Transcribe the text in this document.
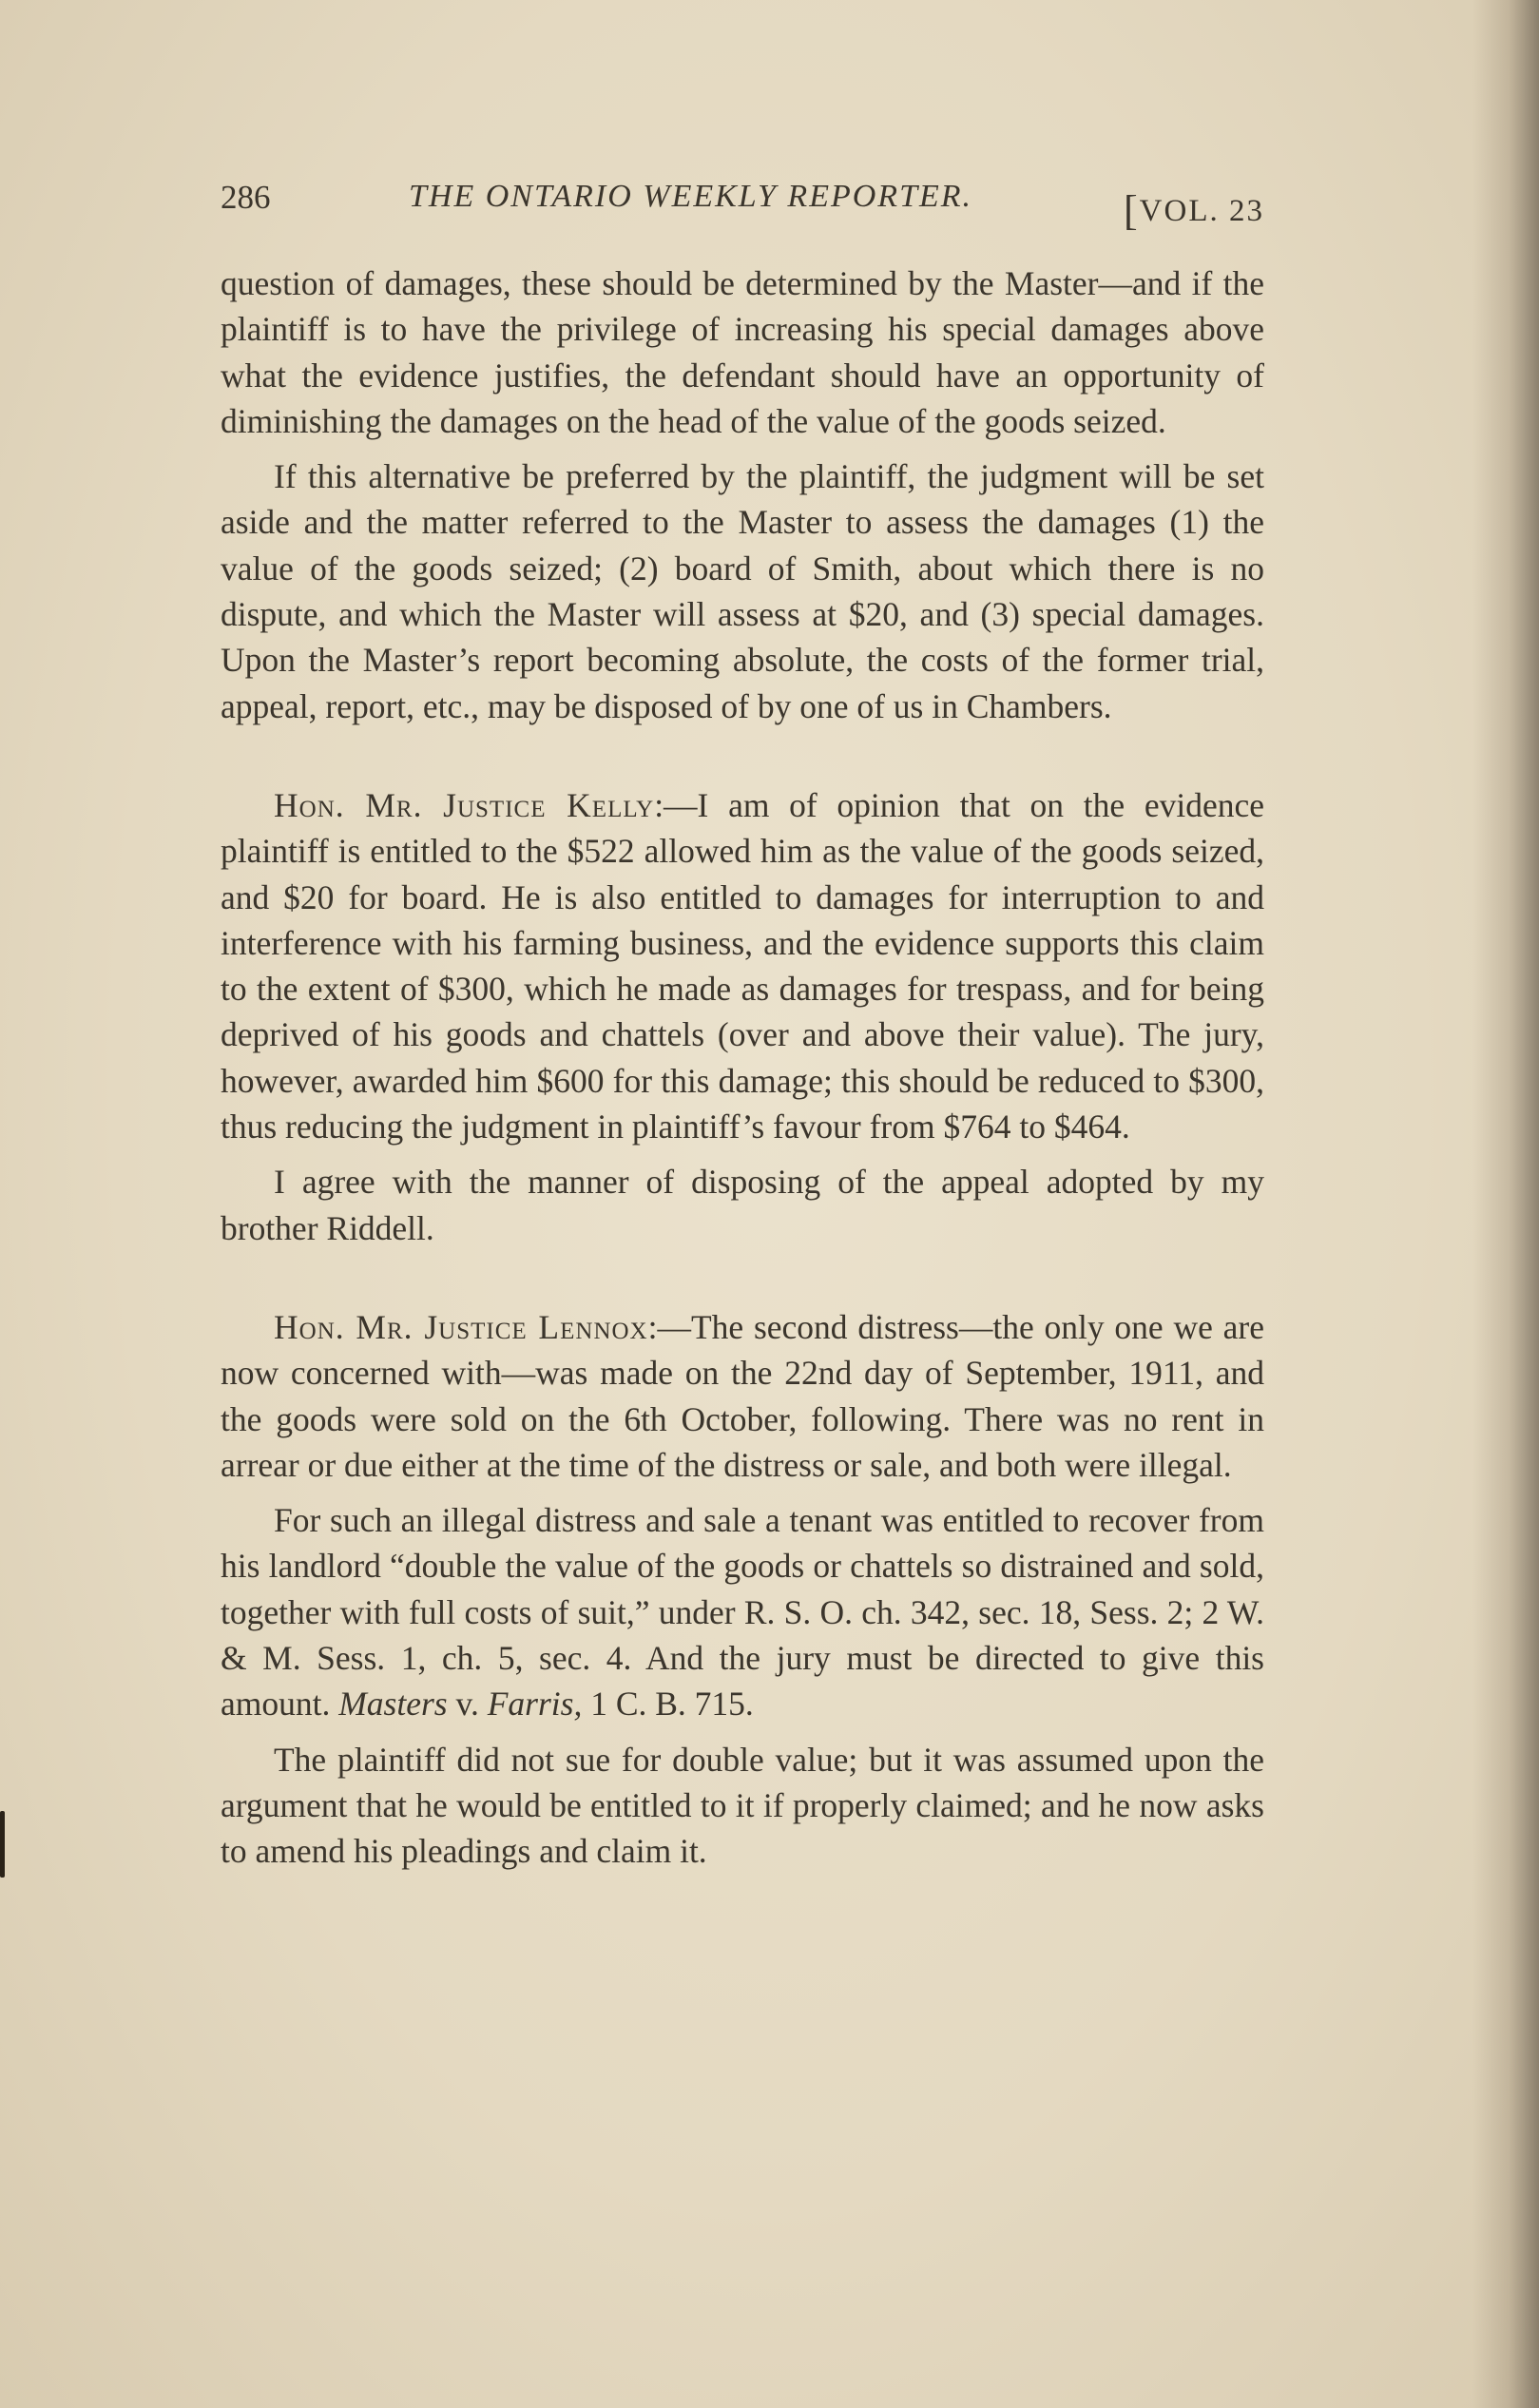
286	THE ONTARIO WEEKLY REPORTER.	[VOL. 23

question of damages, these should be determined by the Master—and if the plaintiff is to have the privilege of increasing his special damages above what the evidence justifies, the defendant should have an opportunity of diminishing the damages on the head of the value of the goods seized.

If this alternative be preferred by the plaintiff, the judgment will be set aside and the matter referred to the Master to assess the damages (1) the value of the goods seized; (2) board of Smith, about which there is no dispute, and which the Master will assess at $20, and (3) special damages. Upon the Master’s report becoming absolute, the costs of the former trial, appeal, report, etc., may be disposed of by one of us in Chambers.

Hon. Mr. Justice Kelly:—I am of opinion that on the evidence plaintiff is entitled to the $522 allowed him as the value of the goods seized, and $20 for board. He is also entitled to damages for interruption to and interference with his farming business, and the evidence supports this claim to the extent of $300, which he made as damages for trespass, and for being deprived of his goods and chattels (over and above their value). The jury, however, awarded him $600 for this damage; this should be reduced to $300, thus reducing the judgment in plaintiff’s favour from $764 to $464.

I agree with the manner of disposing of the appeal adopted by my brother Riddell.

Hon. Mr. Justice Lennox:—The second distress—the only one we are now concerned with—was made on the 22nd day of September, 1911, and the goods were sold on the 6th October, following. There was no rent in arrear or due either at the time of the distress or sale, and both were illegal.

For such an illegal distress and sale a tenant was entitled to recover from his landlord “double the value of the goods or chattels so distrained and sold, together with full costs of suit,” under R. S. O. ch. 342, sec. 18, Sess. 2; 2 W. & M. Sess. 1, ch. 5, sec. 4. And the jury must be directed to give this amount. Masters v. Farris, 1 C. B. 715.

The plaintiff did not sue for double value; but it was assumed upon the argument that he would be entitled to it if properly claimed; and he now asks to amend his pleadings and claim it.
